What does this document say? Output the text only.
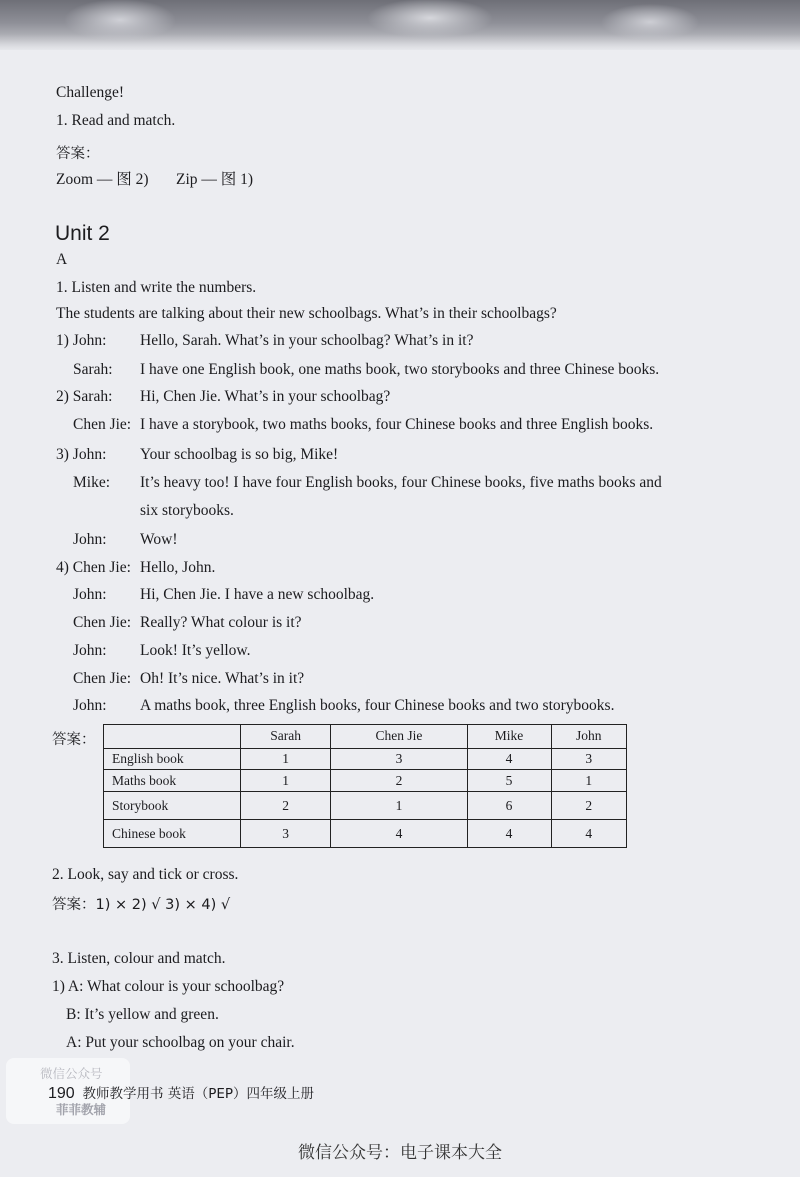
Challenge!
1. Read and match.
答案：
Zoom — 图 2) Zip — 图 1)
Unit 2
A
1. Listen and write the numbers.
The students are talking about their new schoolbags. What’s in their schoolbags?
1) John: Hello, Sarah. What’s in your schoolbag? What’s in it?
Sarah: I have one English book, one maths book, two storybooks and three Chinese books.
2) Sarah: Hi, Chen Jie. What’s in your schoolbag?
Chen Jie: I have a storybook, two maths books, four Chinese books and three English books.
3) John: Your schoolbag is so big, Mike!
Mike: It’s heavy too! I have four English books, four Chinese books, five maths books and
six storybooks.
John: Wow!
4) Chen Jie: Hello, John.
John: Hi, Chen Jie. I have a new schoolbag.
Chen Jie: Really? What colour is it?
John: Look! It’s yellow.
Chen Jie: Oh! It’s nice. What’s in it?
John: A maths book, three English books, four Chinese books and two storybooks.
答案：
		Sarah	Chen Jie	Mike	John
English book	1	3	4	3
Maths book	1	2	5	1
Storybook	2	1	6	2
Chinese book	3	4	4	4
2. Look, say and tick or cross.
答案：1) × 2) √ 3) × 4) √
3. Listen, colour and match.
1) A: What colour is your schoolbag?
B: It’s yellow and green.
A: Put your schoolbag on your chair.
微信公众号
菲菲教辅
190 教师教学用书 英语（PEP）四年级上册
微信公众号：电子课本大全
